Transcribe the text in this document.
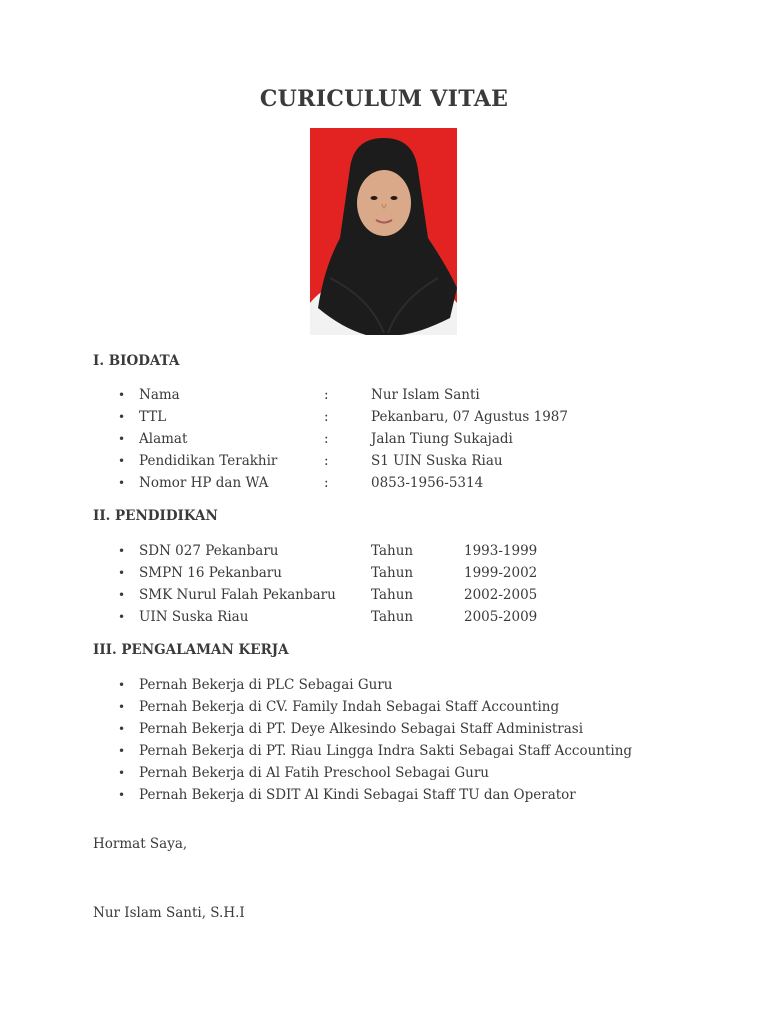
CURICULUM VITAE
I. BIODATA
• Nama	:	Nur Islam Santi
• TTL	:	Pekanbaru, 07 Agustus 1987
• Alamat	:	Jalan Tiung Sukajadi
• Pendidikan Terakhir	:	S1 UIN Suska Riau
• Nomor HP dan WA	:	0853-1956-5314
II. PENDIDIKAN
• SDN 027 Pekanbaru	Tahun	1993-1999
• SMPN 16 Pekanbaru	Tahun	1999-2002
• SMK Nurul Falah Pekanbaru	Tahun	2002-2005
• UIN Suska Riau	Tahun	2005-2009
III. PENGALAMAN KERJA
• Pernah Bekerja di PLC Sebagai Guru
• Pernah Bekerja di CV. Family Indah Sebagai Staff Accounting
• Pernah Bekerja di PT. Deye Alkesindo Sebagai Staff Administrasi
• Pernah Bekerja di PT. Riau Lingga Indra Sakti Sebagai Staff Accounting
• Pernah Bekerja di Al Fatih Preschool Sebagai Guru
• Pernah Bekerja di SDIT Al Kindi Sebagai Staff TU dan Operator
Hormat Saya,
Nur Islam Santi, S.H.I
